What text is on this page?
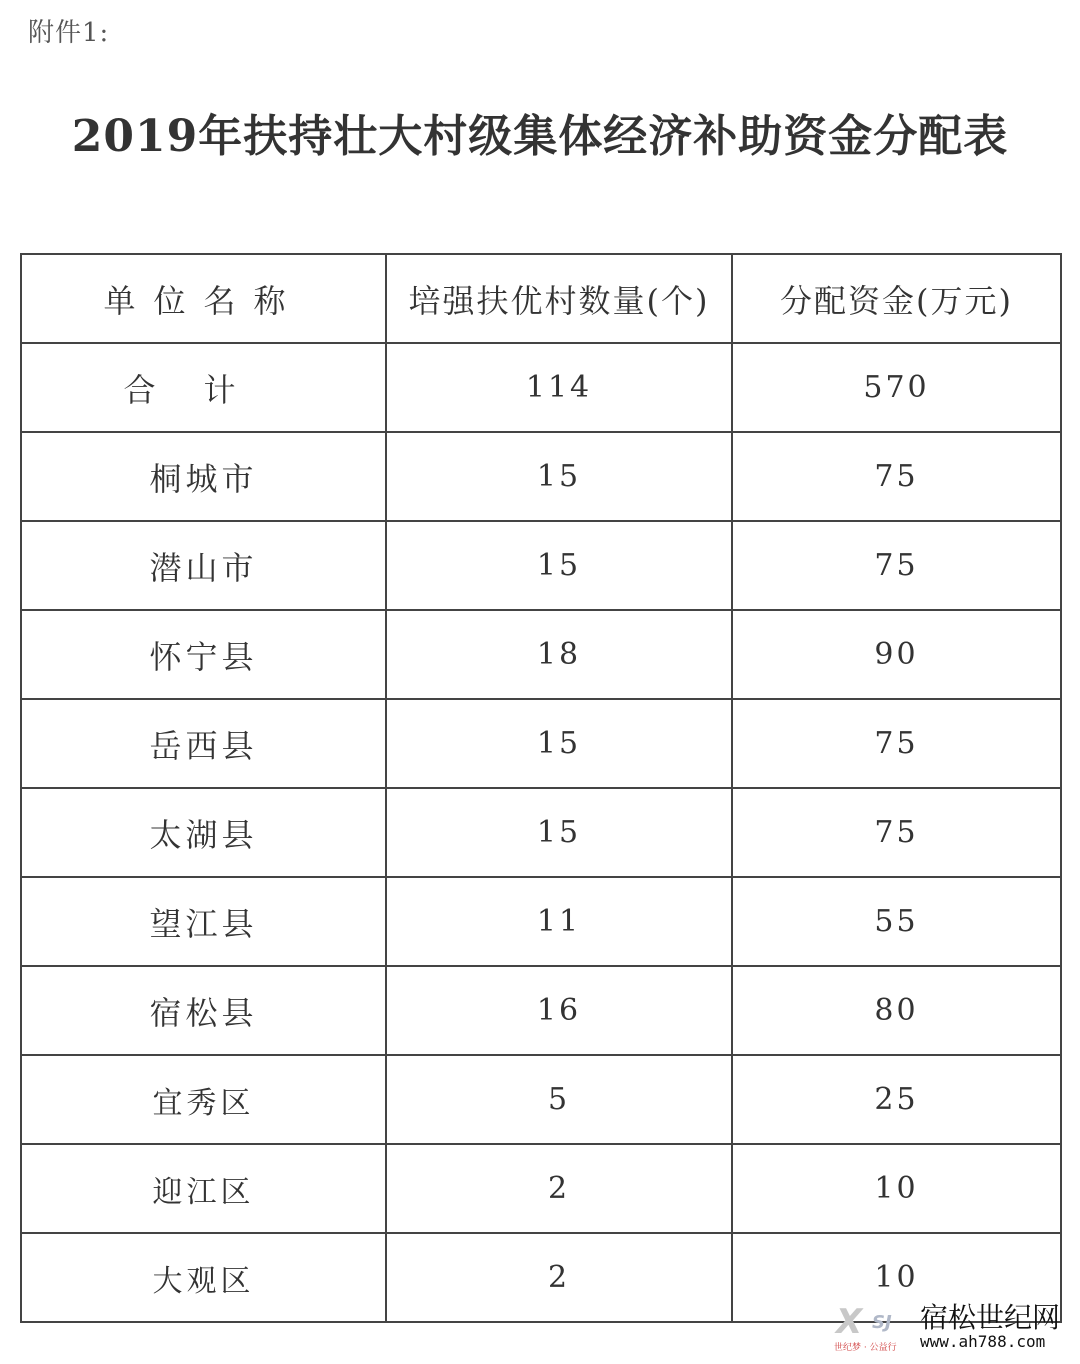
附件1:
2019年扶持壮大村级集体经济补助资金分配表
单位名称	培强扶优村数量(个)	分配资金(万元)
合计	114	570
桐城市	15	75
潜山市	15	75
怀宁县	18	90
岳西县	15	75
太湖县	15	75
望江县	11	55
宿松县	16	80
宜秀区	5	25
迎江区	2	10
大观区	2	10
X SJ
世纪梦 · 公益行
宿松世纪网
www.ah788.com
